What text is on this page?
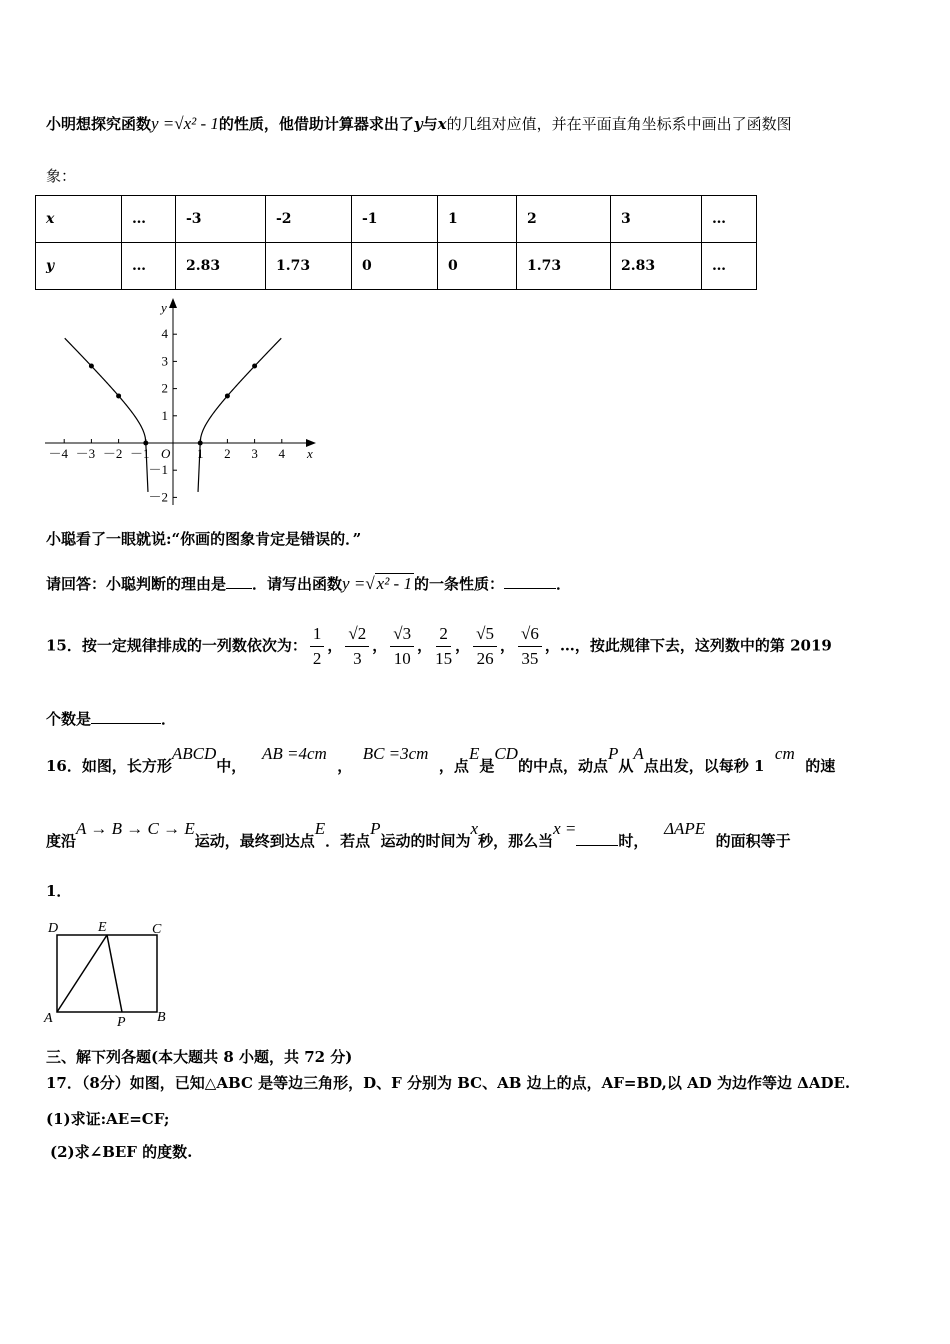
小明想探究函数y =√x² - 1的性质，他借助计算器求出了y与x的几组对应值，并在平面直角坐标系中画出了函数图
象：
x	…	-3	-2	-1	1	2	3	…
y	…	2.83	1.73	0	0	1.73	2.83	…
－4 －3 －2 －1	1 2 3 4
4
3
2
1
－1
－2
x
y
O
小聪看了一眼就说:“你画的图象肯定是错误的．”
请回答：小聪判断的理由是 ．请写出函数y =√ x² - 1 的一条性质：	．
15．按一定规律排成的一列数依次为： $\frac{1}{2}$ ， $\frac{√2}{3}$ ， $\frac{√3}{10}$ ， $\frac{2}{15}$ ， $\frac{√5}{26}$ ， $\frac{√6}{35}$ ，…，按此规律下去，这列数中的第 2019
个数是	．
16．如图，长方形ABCD中，   AB =4cm  ，  BC =3cm  ，点E是CD的中点，动点P从A点出发，以每秒 1  cm  的速
度沿A → B → C → E运动，最终到达点E．若点P运动的时间为x秒，那么当x =时，   ΔAPE  的面积等于
1．
D	E	C
A	P B
三、解下列各题(本大题共 8 小题，共 72 分)
17．（8分）如图，已知△ABC 是等边三角形，D、F 分别为 BC、AB 边上的点，AF=BD,以 AD 为边作等边 ΔADE.
(1)求证:AE=CF;
(2)求∠BEF 的度数.
